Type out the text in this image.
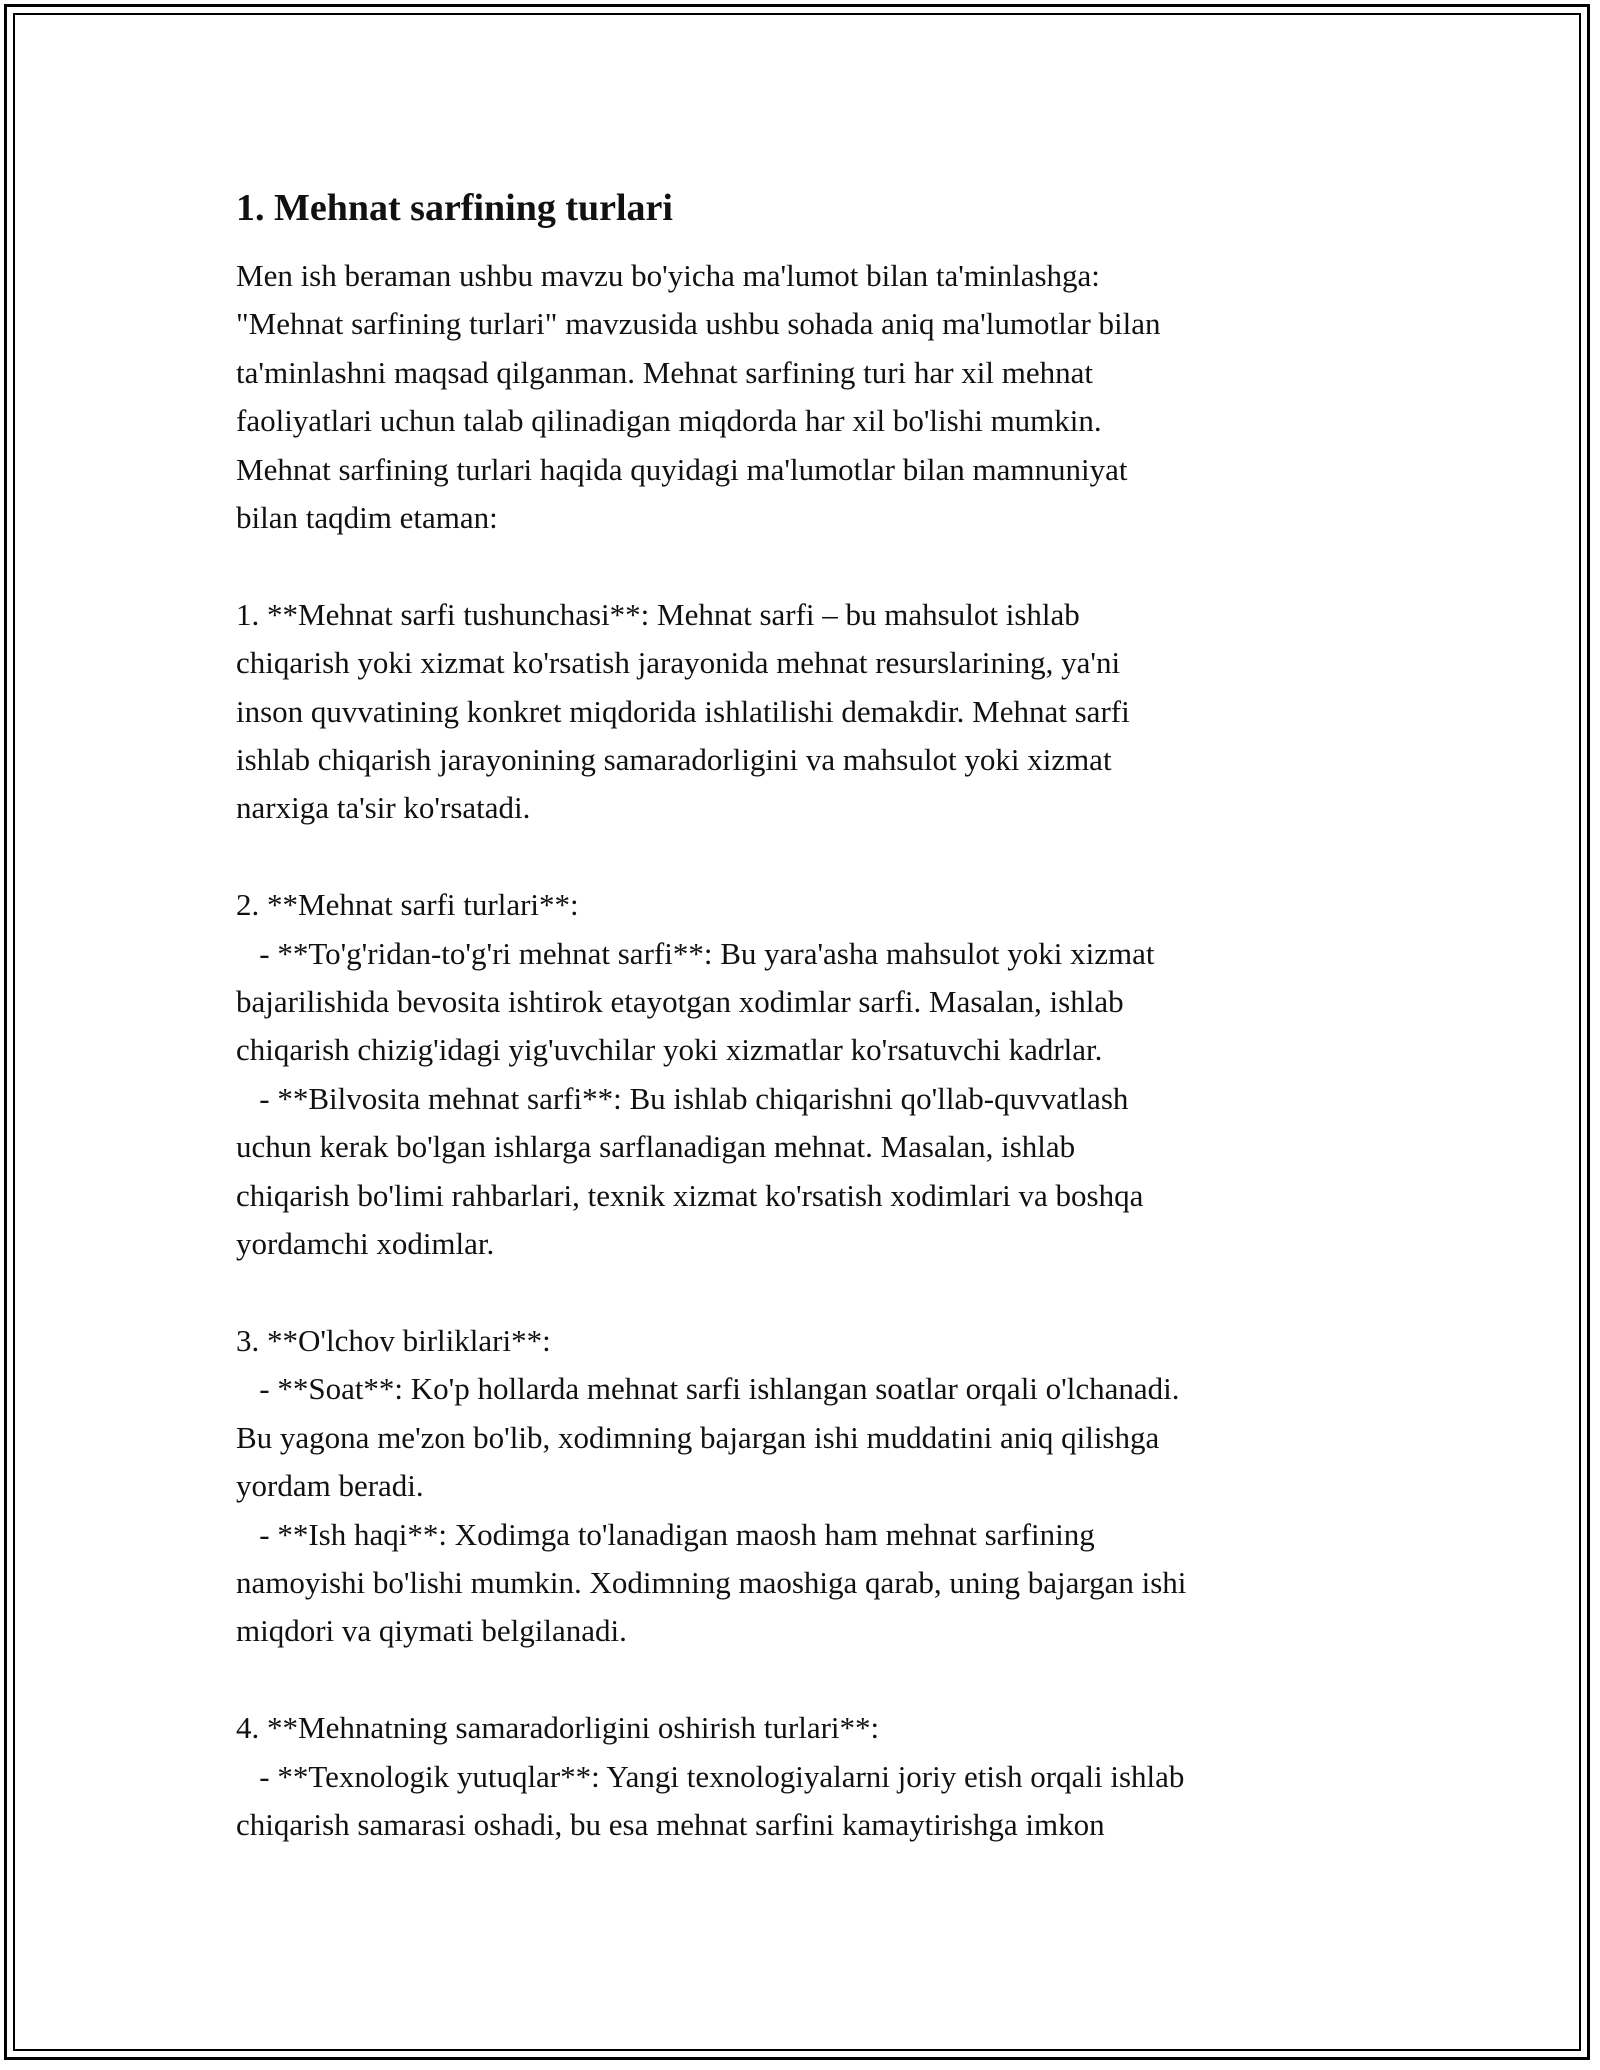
1. Mehnat sarfining turlari
Men ish beraman ushbu mavzu bo'yicha ma'lumot bilan ta'minlashga:
"Mehnat sarfining turlari" mavzusida ushbu sohada aniq ma'lumotlar bilan
ta'minlashni maqsad qilganman. Mehnat sarfining turi har xil mehnat
faoliyatlari uchun talab qilinadigan miqdorda har xil bo'lishi mumkin.
Mehnat sarfining turlari haqida quyidagi ma'lumotlar bilan mamnuniyat
bilan taqdim etaman:
1. **Mehnat sarfi tushunchasi**: Mehnat sarfi – bu mahsulot ishlab
chiqarish yoki xizmat ko'rsatish jarayonida mehnat resurslarining, ya'ni
inson quvvatining konkret miqdorida ishlatilishi demakdir. Mehnat sarfi
ishlab chiqarish jarayonining samaradorligini va mahsulot yoki xizmat
narxiga ta'sir ko'rsatadi.
2. **Mehnat sarfi turlari**:
- **To'g'ridan-to'g'ri mehnat sarfi**: Bu yara'asha mahsulot yoki xizmat
bajarilishida bevosita ishtirok etayotgan xodimlar sarfi. Masalan, ishlab
chiqarish chizig'idagi yig'uvchilar yoki xizmatlar ko'rsatuvchi kadrlar.
- **Bilvosita mehnat sarfi**: Bu ishlab chiqarishni qo'llab-quvvatlash
uchun kerak bo'lgan ishlarga sarflanadigan mehnat. Masalan, ishlab
chiqarish bo'limi rahbarlari, texnik xizmat ko'rsatish xodimlari va boshqa
yordamchi xodimlar.
3. **O'lchov birliklari**:
- **Soat**: Ko'p hollarda mehnat sarfi ishlangan soatlar orqali o'lchanadi.
Bu yagona me'zon bo'lib, xodimning bajargan ishi muddatini aniq qilishga
yordam beradi.
- **Ish haqi**: Xodimga to'lanadigan maosh ham mehnat sarfining
namoyishi bo'lishi mumkin. Xodimning maoshiga qarab, uning bajargan ishi
miqdori va qiymati belgilanadi.
4. **Mehnatning samaradorligini oshirish turlari**:
- **Texnologik yutuqlar**: Yangi texnologiyalarni joriy etish orqali ishlab
chiqarish samarasi oshadi, bu esa mehnat sarfini kamaytirishga imkon
